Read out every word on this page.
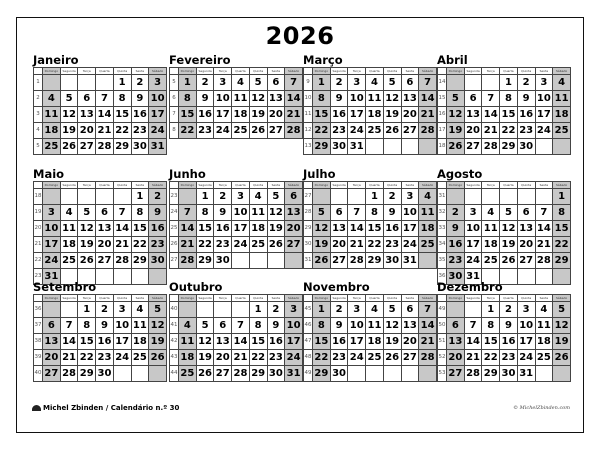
2026
Janeiro
	Domingo	Segunda	Terça	Quarta	Quinta	Sexta	Sábado
1					1	2	3
2	4	5	6	7	8	9	10
3	11	12	13	14	15	16	17
4	18	19	20	21	22	23	24
5	25	26	27	28	29	30	31
Fevereiro
	Domingo	Segunda	Terça	Quarta	Quinta	Sexta	Sábado
5	1	2	3	4	5	6	7
6	8	9	10	11	12	13	14
7	15	16	17	18	19	20	21
8	22	23	24	25	26	27	28
Março
	Domingo	Segunda	Terça	Quarta	Quinta	Sexta	Sábado
9	1	2	3	4	5	6	7
10	8	9	10	11	12	13	14
11	15	16	17	18	19	20	21
12	22	23	24	25	26	27	28
13	29	30	31				
Abril
	Domingo	Segunda	Terça	Quarta	Quinta	Sexta	Sábado
14				1	2	3	4
15	5	6	7	8	9	10	11
16	12	13	14	15	16	17	18
17	19	20	21	22	23	24	25
18	26	27	28	29	30		
Maio
	Domingo	Segunda	Terça	Quarta	Quinta	Sexta	Sábado
18						1	2
19	3	4	5	6	7	8	9
20	10	11	12	13	14	15	16
21	17	18	19	20	21	22	23
22	24	25	26	27	28	29	30
23	31						
Junho
	Domingo	Segunda	Terça	Quarta	Quinta	Sexta	Sábado
23		1	2	3	4	5	6
24	7	8	9	10	11	12	13
25	14	15	16	17	18	19	20
26	21	22	23	24	25	26	27
27	28	29	30				
Julho
	Domingo	Segunda	Terça	Quarta	Quinta	Sexta	Sábado
27				1	2	3	4
28	5	6	7	8	9	10	11
29	12	13	14	15	16	17	18
30	19	20	21	22	23	24	25
31	26	27	28	29	30	31	
Agosto
	Domingo	Segunda	Terça	Quarta	Quinta	Sexta	Sábado
31							1
32	2	3	4	5	6	7	8
33	9	10	11	12	13	14	15
34	16	17	18	19	20	21	22
35	23	24	25	26	27	28	29
36	30	31					
Setembro
	Domingo	Segunda	Terça	Quarta	Quinta	Sexta	Sábado
36			1	2	3	4	5
37	6	7	8	9	10	11	12
38	13	14	15	16	17	18	19
39	20	21	22	23	24	25	26
40	27	28	29	30			
Outubro
	Domingo	Segunda	Terça	Quarta	Quinta	Sexta	Sábado
40					1	2	3
41	4	5	6	7	8	9	10
42	11	12	13	14	15	16	17
43	18	19	20	21	22	23	24
44	25	26	27	28	29	30	31
Novembro
	Domingo	Segunda	Terça	Quarta	Quinta	Sexta	Sábado
45	1	2	3	4	5	6	7
46	8	9	10	11	12	13	14
47	15	16	17	18	19	20	21
48	22	23	24	25	26	27	28
49	29	30					
Dezembro
	Domingo	Segunda	Terça	Quarta	Quinta	Sexta	Sábado
49			1	2	3	4	5
50	6	7	8	9	10	11	12
51	13	14	15	16	17	18	19
52	20	21	22	23	24	25	26
53	27	28	29	30	31		
Michel Zbinden / Calendário n.º 30	© MichelZbinden.com
